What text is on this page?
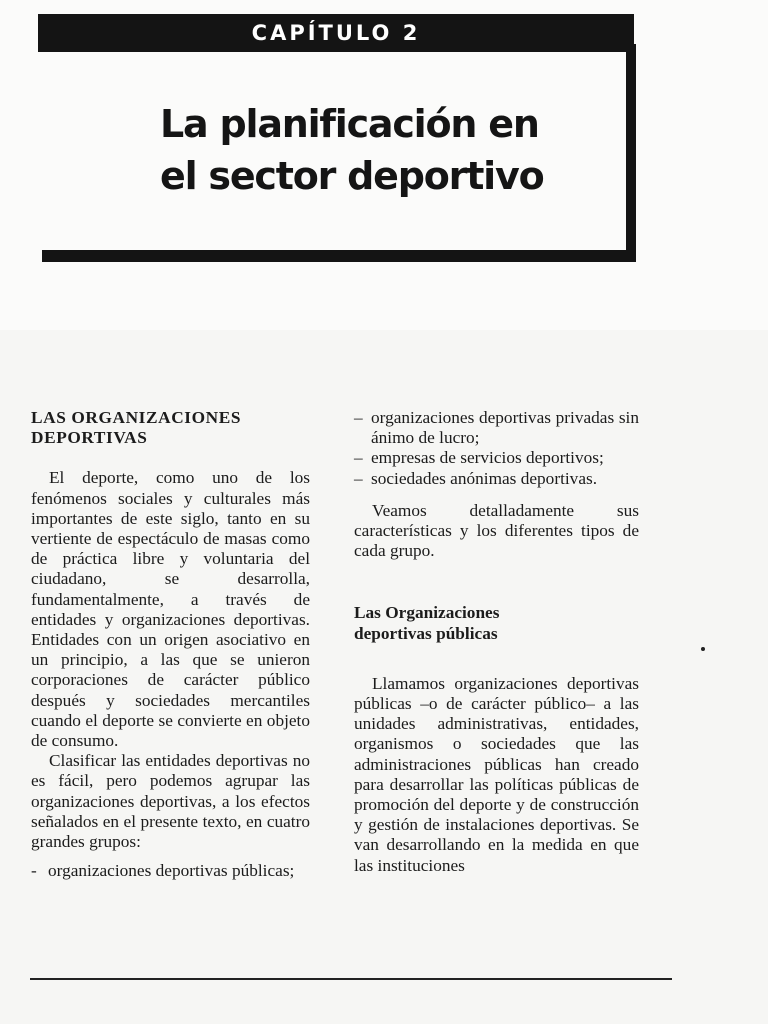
CAPÍTULO 2
La planificación en
el sector deportivo
LAS ORGANIZACIONES
DEPORTIVAS

El deporte, como uno de los fenómenos sociales y culturales más importantes de este siglo, tanto en su vertiente de espectáculo de masas como de práctica libre y voluntaria del ciudadano, se desarrolla, fundamentalmente, a través de entidades y organizaciones deportivas. Entidades con un origen asociativo en un principio, a las que se unieron corporaciones de carácter público después y sociedades mercantiles cuando el deporte se convierte en objeto de consumo.

Clasificar las entidades deportivas no es fácil, pero podemos agrupar las organizaciones deportivas, a los efectos señalados en el presente texto, en cuatro grandes grupos:

- organizaciones deportivas públicas;
– organizaciones deportivas privadas sin ánimo de lucro;
– empresas de servicios deportivos;
– sociedades anónimas deportivas.

Veamos detalladamente sus características y los diferentes tipos de cada grupo.

Las Organizaciones
deportivas públicas

Llamamos organizaciones deportivas públicas –o de carácter público– a las unidades administrativas, entidades, organismos o sociedades que las administraciones públicas han creado para desarrollar las políticas públicas de promoción del deporte y de construcción y gestión de instalaciones deportivas. Se van desarrollando en la medida en que las instituciones
